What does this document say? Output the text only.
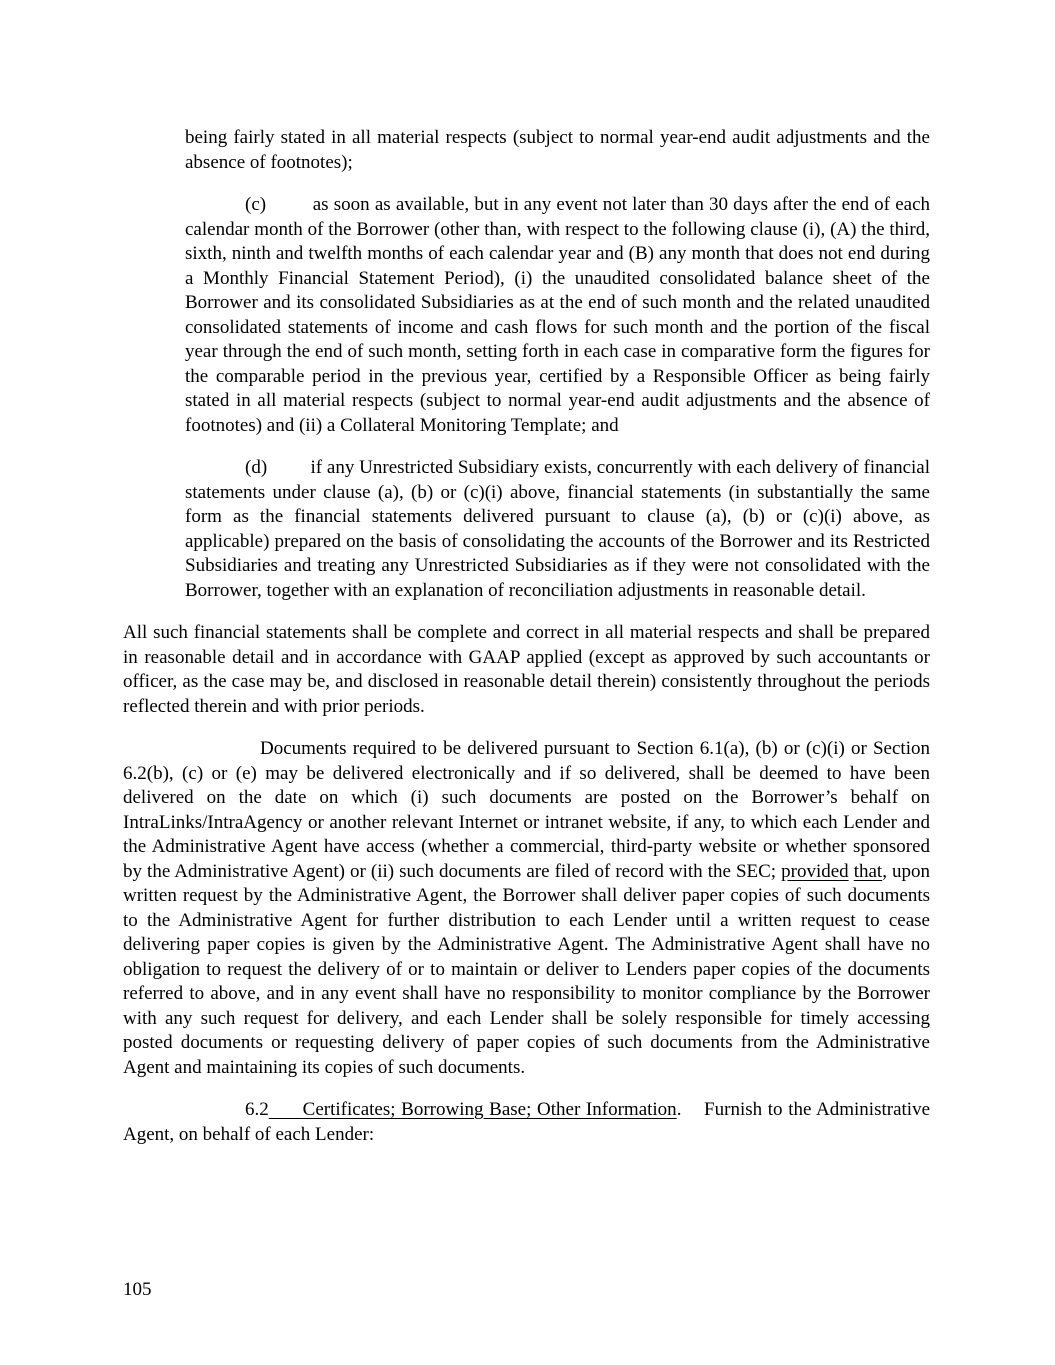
being fairly stated in all material respects (subject to normal year-end audit adjustments and the absence of footnotes);

(c)         as soon as available, but in any event not later than 30 days after the end of each calendar month of the Borrower (other than, with respect to the following clause (i), (A) the third, sixth, ninth and twelfth months of each calendar year and (B) any month that does not end during a Monthly Financial Statement Period), (i) the unaudited consolidated balance sheet of the Borrower and its consolidated Subsidiaries as at the end of such month and the related unaudited consolidated statements of income and cash flows for such month and the portion of the fiscal year through the end of such month, setting forth in each case in comparative form the figures for the comparable period in the previous year, certified by a Responsible Officer as being fairly stated in all material respects (subject to normal year-end audit adjustments and the absence of footnotes) and (ii) a Collateral Monitoring Template; and

(d)         if any Unrestricted Subsidiary exists, concurrently with each delivery of financial statements under clause (a), (b) or (c)(i) above, financial statements (in substantially the same form as the financial statements delivered pursuant to clause (a), (b) or (c)(i) above, as applicable) prepared on the basis of consolidating the accounts of the Borrower and its Restricted Subsidiaries and treating any Unrestricted Subsidiaries as if they were not consolidated with the Borrower, together with an explanation of reconciliation adjustments in reasonable detail.

All such financial statements shall be complete and correct in all material respects and shall be prepared in reasonable detail and in accordance with GAAP applied (except as approved by such accountants or officer, as the case may be, and disclosed in reasonable detail therein) consistently throughout the periods reflected therein and with prior periods.

Documents required to be delivered pursuant to Section 6.1(a), (b) or (c)(i) or Section 6.2(b), (c) or (e) may be delivered electronically and if so delivered, shall be deemed to have been delivered on the date on which (i) such documents are posted on the Borrower’s behalf on IntraLinks/IntraAgency or another relevant Internet or intranet website, if any, to which each Lender and the Administrative Agent have access (whether a commercial, third-party website or whether sponsored by the Administrative Agent) or (ii) such documents are filed of record with the SEC; provided that, upon written request by the Administrative Agent, the Borrower shall deliver paper copies of such documents to the Administrative Agent for further distribution to each Lender until a written request to cease delivering paper copies is given by the Administrative Agent. The Administrative Agent shall have no obligation to request the delivery of or to maintain or deliver to Lenders paper copies of the documents referred to above, and in any event shall have no responsibility to monitor compliance by the Borrower with any such request for delivery, and each Lender shall be solely responsible for timely accessing posted documents or requesting delivery of paper copies of such documents from the Administrative Agent and maintaining its copies of such documents.

6.2 Certificates; Borrowing Base; Other Information.    Furnish to the Administrative Agent, on behalf of each Lender:

105
